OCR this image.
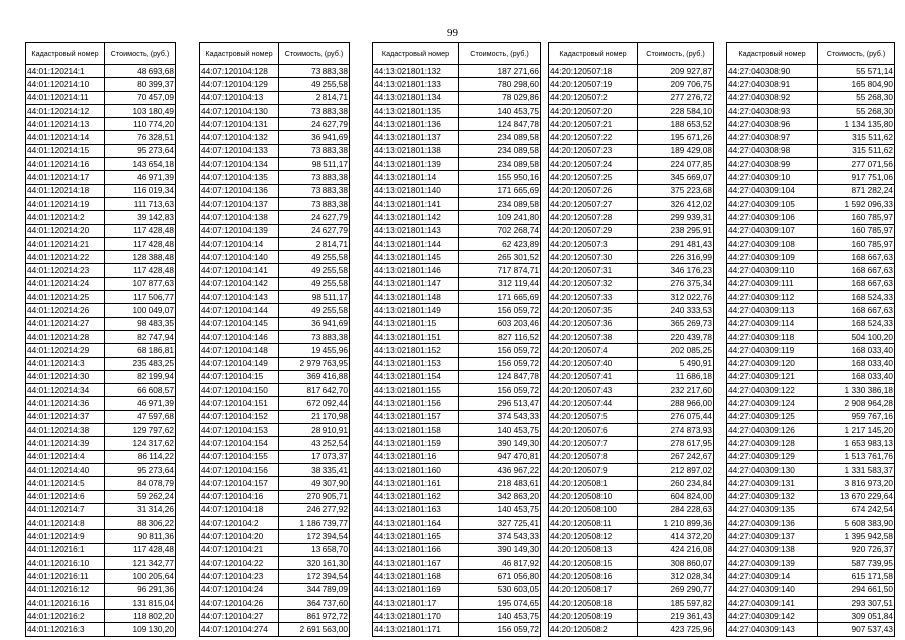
99
Кадастровый номер	Стоимость, (руб.)
44:01:120214:1	48 693,68
44:01:120214:10	80 399,37
44:01:120214:11	70 457,09
44:01:120214:12	103 180,49
44:01:120214:13	110 774,20
44:01:120214:14	76 328,51
44:01:120214:15	95 273,64
44:01:120214:16	143 654,18
44:01:120214:17	46 971,39
44:01:120214:18	116 019,34
44:01:120214:19	111 713,63
44:01:120214:2	39 142,83
44:01:120214:20	117 428,48
44:01:120214:21	117 428,48
44:01:120214:22	128 388,48
44:01:120214:23	117 428,48
44:01:120214:24	107 877,63
44:01:120214:25	117 506,77
44:01:120214:26	100 049,07
44:01:120214:27	98 483,35
44:01:120214:28	82 747,94
44:01:120214:29	68 186,81
44:01:120214:3	235 483,25
44:01:120214:30	82 199,94
44:01:120214:34	66 608,57
44:01:120214:36	46 971,39
44:01:120214:37	47 597,68
44:01:120214:38	129 797,62
44:01:120214:39	124 317,62
44:01:120214:4	86 114,22
44:01:120214:40	95 273,64
44:01:120214:5	84 078,79
44:01:120214:6	59 262,24
44:01:120214:7	31 314,26
44:01:120214:8	88 306,22
44:01:120214:9	90 811,36
44:01:120216:1	117 428,48
44:01:120216:10	121 342,77
44:01:120216:11	100 205,64
44:01:120216:12	96 291,36
44:01:120216:16	131 815,04
44:01:120216:2	118 802,20
44:01:120216:3	109 130,20
Кадастровый номер	Стоимость, (руб.)
44:07:120104:128	73 883,38
44:07:120104:129	49 255,58
44:07:120104:13	2 814,71
44:07:120104:130	73 883,38
44:07:120104:131	24 627,79
44:07:120104:132	36 941,69
44:07:120104:133	73 883,38
44:07:120104:134	98 511,17
44:07:120104:135	73 883,38
44:07:120104:136	73 883,38
44:07:120104:137	73 883,38
44:07:120104:138	24 627,79
44:07:120104:139	24 627,79
44:07:120104:14	2 814,71
44:07:120104:140	49 255,58
44:07:120104:141	49 255,58
44:07:120104:142	49 255,58
44:07:120104:143	98 511,17
44:07:120104:144	49 255,58
44:07:120104:145	36 941,69
44:07:120104:146	73 883,38
44:07:120104:148	19 455,96
44:07:120104:149	2 979 763,95
44:07:120104:15	369 416,88
44:07:120104:150	817 642,70
44:07:120104:151	672 092,44
44:07:120104:152	21 170,98
44:07:120104:153	28 910,91
44:07:120104:154	43 252,54
44:07:120104:155	17 073,37
44:07:120104:156	38 335,41
44:07:120104:157	49 307,90
44:07:120104:16	270 905,71
44:07:120104:18	246 277,92
44:07:120104:2	1 186 739,77
44:07:120104:20	172 394,54
44:07:120104:21	13 658,70
44:07:120104:22	320 161,30
44:07:120104:23	172 394,54
44:07:120104:24	344 789,09
44:07:120104:26	364 737,60
44:07:120104:27	861 972,72
44:07:120104:274	2 691 563,00
Кадастровый номер	Стоимость, (руб.)
44:13:021801:132	187 271,66
44:13:021801:133	780 298,60
44:13:021801:134	78 029,86
44:13:021801:135	140 453,75
44:13:021801:136	124 847,78
44:13:021801:137	234 089,58
44:13:021801:138	234 089,58
44:13:021801:139	234 089,58
44:13:021801:14	155 950,16
44:13:021801:140	171 665,69
44:13:021801:141	234 089,58
44:13:021801:142	109 241,80
44:13:021801:143	702 268,74
44:13:021801:144	62 423,89
44:13:021801:145	265 301,52
44:13:021801:146	717 874,71
44:13:021801:147	312 119,44
44:13:021801:148	171 665,69
44:13:021801:149	156 059,72
44:13:021801:15	603 203,46
44:13:021801:151	827 116,52
44:13:021801:152	156 059,72
44:13:021801:153	156 059,72
44:13:021801:154	124 847,78
44:13:021801:155	156 059,72
44:13:021801:156	296 513,47
44:13:021801:157	374 543,33
44:13:021801:158	140 453,75
44:13:021801:159	390 149,30
44:13:021801:16	947 470,81
44:13:021801:160	436 967,22
44:13:021801:161	218 483,61
44:13:021801:162	342 863,20
44:13:021801:163	140 453,75
44:13:021801:164	327 725,41
44:13:021801:165	374 543,33
44:13:021801:166	390 149,30
44:13:021801:167	46 817,92
44:13:021801:168	671 056,80
44:13:021801:169	530 603,05
44:13:021801:17	195 074,65
44:13:021801:170	140 453,75
44:13:021801:171	156 059,72
Кадастровый номер	Стоимость, (руб.)
44:20:120507:18	209 927,87
44:20:120507:19	209 706,75
44:20:120507:2	277 276,72
44:20:120507:20	228 584,10
44:20:120507:21	188 653,52
44:20:120507:22	195 671,26
44:20:120507:23	189 429,08
44:20:120507:24	224 077,85
44:20:120507:25	345 669,07
44:20:120507:26	375 223,68
44:20:120507:27	326 412,02
44:20:120507:28	299 939,31
44:20:120507:29	238 295,91
44:20:120507:3	291 481,43
44:20:120507:30	226 316,99
44:20:120507:31	346 176,23
44:20:120507:32	276 375,34
44:20:120507:33	312 022,76
44:20:120507:35	240 333,53
44:20:120507:36	365 269,73
44:20:120507:38	220 439,78
44:20:120507:4	202 085,25
44:20:120507:40	5 490,91
44:20:120507:41	11 686,18
44:20:120507:43	232 217,60
44:20:120507:44	288 966,00
44:20:120507:5	276 075,44
44:20:120507:6	274 873,93
44:20:120507:7	278 617,95
44:20:120507:8	267 242,67
44:20:120507:9	212 897,02
44:20:120508:1	260 234,84
44:20:120508:10	604 824,00
44:20:120508:100	284 228,63
44:20:120508:11	1 210 899,36
44:20:120508:12	414 372,20
44:20:120508:13	424 216,08
44:20:120508:15	308 860,07
44:20:120508:16	312 028,34
44:20:120508:17	269 290,77
44:20:120508:18	185 597,82
44:20:120508:19	219 361,43
44:20:120508:2	423 725,96
Кадастровый номер	Стоимость, (руб.)
44:27:040308:90	55 571,14
44:27:040308:91	165 804,90
44:27:040308:92	55 268,30
44:27:040308:93	55 268,30
44:27:040308:96	1 134 135,80
44:27:040308:97	315 511,62
44:27:040308:98	315 511,62
44:27:040308:99	277 071,56
44:27:040309:10	917 751,06
44:27:040309:104	871 282,24
44:27:040309:105	1 592 096,33
44:27:040309:106	160 785,97
44:27:040309:107	160 785,97
44:27:040309:108	160 785,97
44:27:040309:109	168 667,63
44:27:040309:110	168 667,63
44:27:040309:111	168 667,63
44:27:040309:112	168 524,33
44:27:040309:113	168 667,63
44:27:040309:114	168 524,33
44:27:040309:118	504 100,20
44:27:040309:119	168 033,40
44:27:040309:120	168 033,40
44:27:040309:121	168 033,40
44:27:040309:122	1 330 386,18
44:27:040309:124	2 908 964,28
44:27:040309:125	959 767,16
44:27:040309:126	1 217 145,20
44:27:040309:128	1 653 983,13
44:27:040309:129	1 513 761,76
44:27:040309:130	1 331 583,37
44:27:040309:131	3 816 973,20
44:27:040309:132	13 670 229,64
44:27:040309:135	674 242,54
44:27:040309:136	5 608 383,90
44:27:040309:137	1 395 942,58
44:27:040309:138	920 726,37
44:27:040309:139	587 739,95
44:27:040309:14	615 171,58
44:27:040309:140	294 661,50
44:27:040309:141	293 307,51
44:27:040309:142	309 051,84
44:27:040309:143	907 537,43
